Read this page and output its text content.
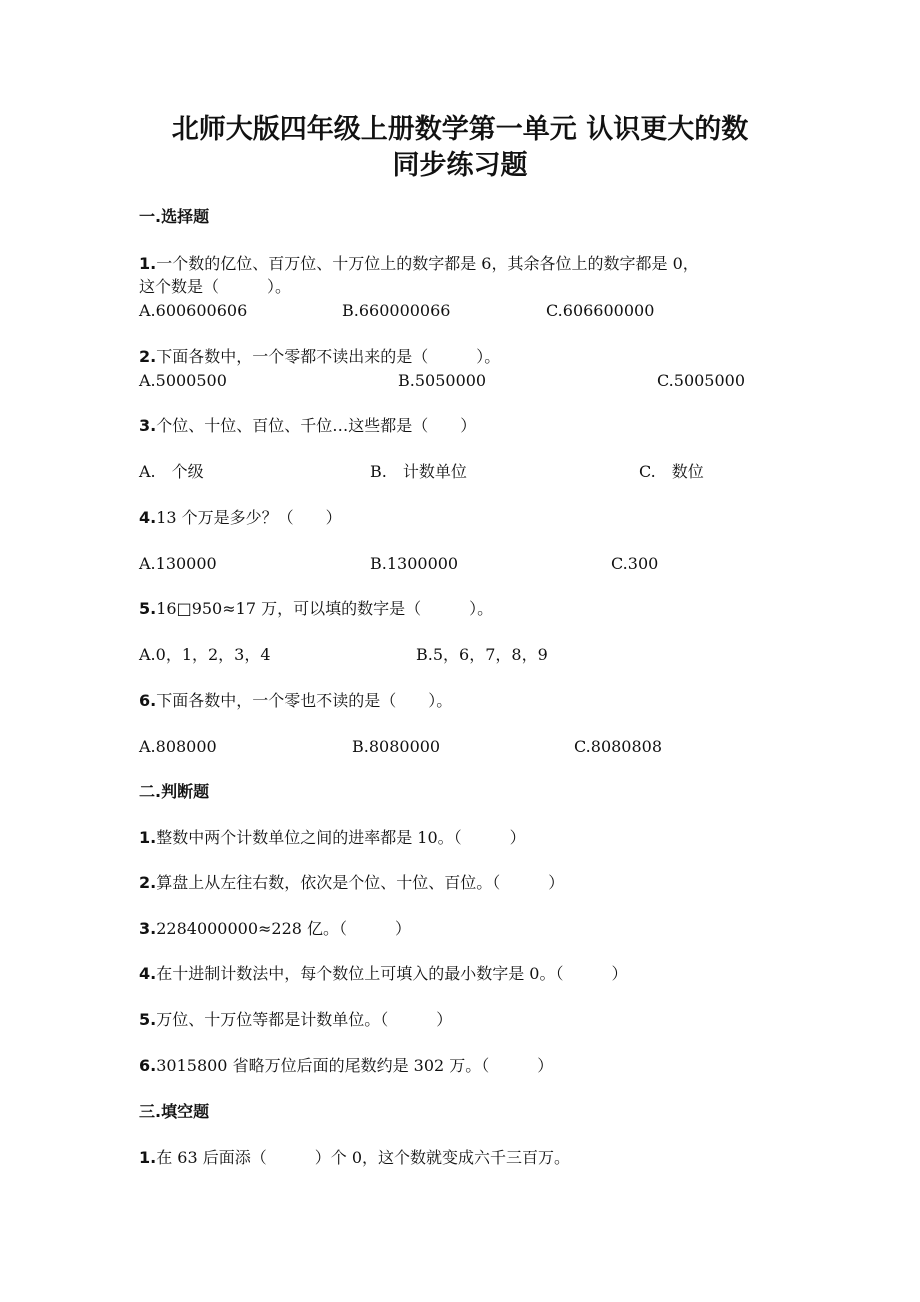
北师大版四年级上册数学第一单元 认识更大的数
同步练习题
一.选择题
1.一个数的亿位、百万位、十万位上的数字都是 6，其余各位上的数字都是 0，
这个数是（　　　）。
A.600600606	B.660000066	C.606600000
2.下面各数中，一个零都不读出来的是（　　　）。
A.5000500	B.5050000	C.5005000
3.个位、十位、百位、千位…这些都是（　　）
A.　个级	B.　计数单位	C.　数位
4.13 个万是多少？（　　）
A.130000	B.1300000	C.300
5.16□950≈17 万，可以填的数字是（　　　）。
A.0，1，2，3，4	B.5，6，7，8，9
6.下面各数中，一个零也不读的是（　　）。
A.808000	B.8080000	C.8080808
二.判断题
1.整数中两个计数单位之间的进率都是 10。（　　　）
2.算盘上从左往右数，依次是个位、十位、百位。（　　　）
3.2284000000≈228 亿。（　　　）
4.在十进制计数法中，每个数位上可填入的最小数字是 0。（　　　）
5.万位、十万位等都是计数单位。（　　　）
6.3015800 省略万位后面的尾数约是 302 万。（　　　）
三.填空题
1.在 63 后面添（　　　）个 0，这个数就变成六千三百万。
